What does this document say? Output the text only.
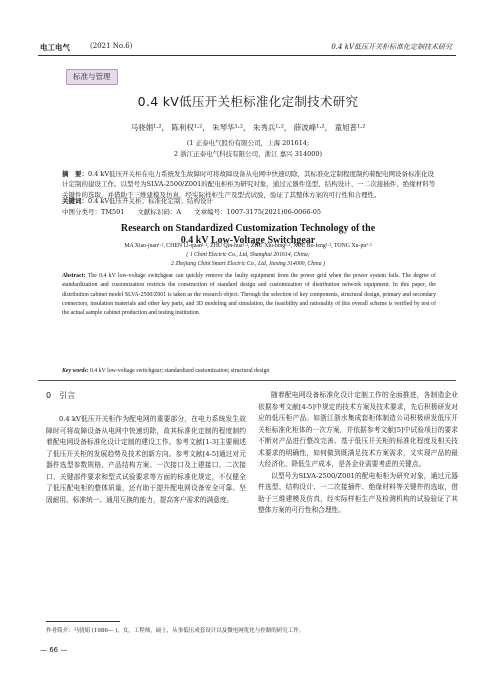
电工电气	(2021 No.6)	0.4 kV低压开关柜标准化定制技术研究
标准与管理
0.4 kV低压开关柜标准化定制技术研究
马骁娟¹·²， 陈利权¹·²， 朱琴华¹·²， 朱秀兵¹·²， 薛波峰¹·²， 童旭普¹·²
(1 正泰电气股份有限公司，上海 201614;
2 浙江正泰电气科技有限公司，浙江 嘉兴 314000)
摘　要：0.4 kV低压开关柜在电力系统发生故障时可将故障设备从电网中快速切除，其标准化定制程度制约着配电网设备标准化设计定制的建设工作。以型号为SLVA-2500/Z001的配电柜柜为研究对象，通过元器件选型、结构设计、一二次接插件、绝缘材料等关键件的选取，并借助于三维建模及仿真，经实际样柜生产及型式试验，验证了其整体方案的可行性和合理性。
关键词：0.4 kV低压开关柜；标准化定制；结构设计
中图分类号：TM591　　文献标识码：A　　文章编号：1007-3175(2021)06-0066-05
Research on Standardized Customization Technology of the
0.4 kV Low-Voltage Switchgear
MA Xiao-juan¹·², CHEN Li-quan¹·², ZHU Qin-hua¹·², ZHU Xiu-bing¹·², XUE Bo-feng¹·², TONG Xu-pu¹·²
( 1 Chint Electric Co., Ltd, Shanghai 201614, China;
2 Zhejiang Chint Smart Electric Co., Ltd, Jiaxing 314000, China )
Abstract: The 0.4 kV low-voltage switchgear can quickly remove the faulty equipment from the power grid when the power system fails. The degree of standardization and customization restricts the construction of standard design and customization of distribution network equipment. In this paper, the distribution cabinet model SLVA-2500/Z001 is taken as the research object. Through the selection of key components, structural design, primary and secondary connectors, insulation materials and other key parts, and 3D modeling and simulation, the feasibility and rationality of this overall scheme is verified by test of the actual sample cabinet production and testing institution.
Key words: 0.4 kV low-voltage switchgear; standardized customization; structural design
0　引言

0.4 kV低压开关柜作为配电网的重要部分，在电力系统发生故障时可将故障设备从电网中快速切除，故其标准化定制的程度制约着配电网设备标准化设计定制的建设工作。参考文献[1-3]主要阐述了低压开关柜的发展趋势及技术创新方向。参考文献[4-5]通过对元器件选型参数规格、产品结构方案、一次接口及上建接口、二次接口、关键部件要求和型式试验要求等方面的标准化规定，不仅健全了低压配电柜的整体质量，还有助于提升配电网设备安全可靠、坚固耐用、标准统一、通用互换的能力，提高客户需求的满意度。

随着配电网设备标准化设计定制工作的全面推进，各制造企业依据参考文献[4-5]中规定的技术方案及技术要求，先后积极研发对应的低压柜产品。如浙江浙水集成套柜体制造公司积极研发低压开关柜标准化柜体的一次方案，并依据参考文献[5]中试验项目的要求不断对产品进行整改完善。基于低压开关柜的标准化程度及相关技术要求的明确性，如何做到既满足技术方案需求，又实现产品的最大经济化、降低生产成本，是各企业需要考虑的关键点。

以型号为SLVA-2500/Z001的配电柜柜为研究对象，通过元器件选型、结构设计、一二次接插件、绝缘材料等关键件的选取，借助于三维建模及仿真，经实际样柜生产及检测机构的试验验证了其整体方案的可行性和合理性。

作者简介：马骁娟 (1986— )，女，工程师，硕士，从事低压成套设计以及微电网优化与控制的研究工作。
— 66 —
